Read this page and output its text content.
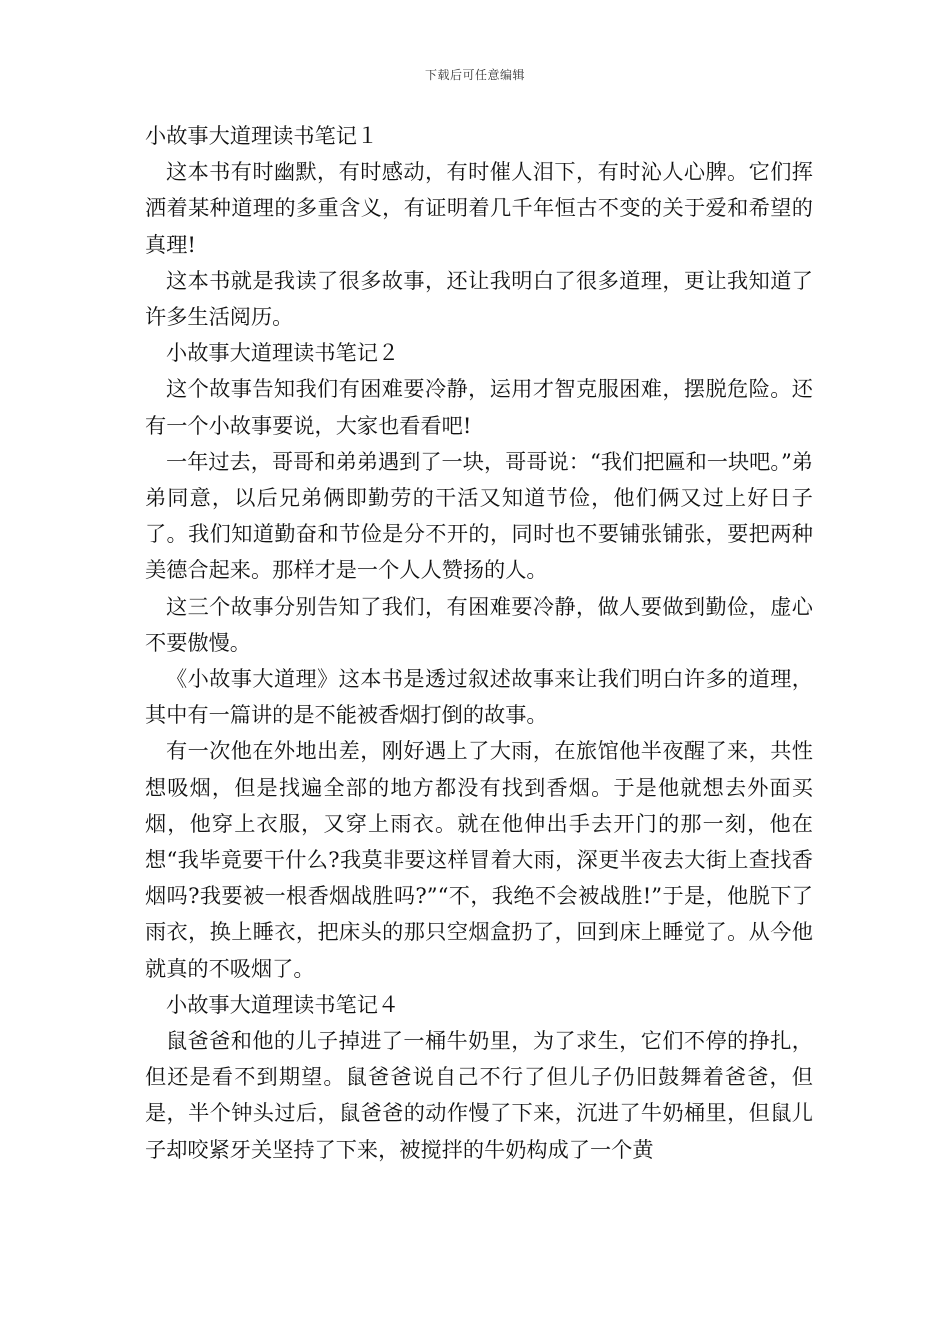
下载后可任意编辑

小故事大道理读书笔记１

这本书有时幽默，有时感动，有时催人泪下，有时沁人心脾。它们挥洒着某种道理的多重含义，有证明着几千年恒古不变的关于爱和希望的真理!

这本书就是我读了很多故事，还让我明白了很多道理，更让我知道了许多生活阅历。

小故事大道理读书笔记２

这个故事告知我们有困难要冷静，运用才智克服困难，摆脱危险。还有一个小故事要说，大家也看看吧!

一年过去，哥哥和弟弟遇到了一块，哥哥说：“我们把匾和一块吧。”弟弟同意，以后兄弟俩即勤劳的干活又知道节俭，他们俩又过上好日子了。我们知道勤奋和节俭是分不开的，同时也不要铺张铺张，要把两种美德合起来。那样才是一个人人赞扬的人。

这三个故事分别告知了我们，有困难要冷静，做人要做到勤俭，虚心不要傲慢。

《小故事大道理》这本书是透过叙述故事来让我们明白许多的道理，其中有一篇讲的是不能被香烟打倒的故事。

有一次他在外地出差，刚好遇上了大雨，在旅馆他半夜醒了来，共性想吸烟，但是找遍全部的地方都没有找到香烟。于是他就想去外面买烟，他穿上衣服，又穿上雨衣。就在他伸出手去开门的那一刻，他在想“我毕竟要干什么?我莫非要这样冒着大雨，深更半夜去大街上查找香烟吗?我要被一根香烟战胜吗?”“不，我绝不会被战胜!”于是，他脱下了雨衣，换上睡衣，把床头的那只空烟盒扔了，回到床上睡觉了。从今他就真的不吸烟了。

小故事大道理读书笔记４

鼠爸爸和他的儿子掉进了一桶牛奶里，为了求生，它们不停的挣扎，但还是看不到期望。鼠爸爸说自己不行了但儿子仍旧鼓舞着爸爸，但是，半个钟头过后，鼠爸爸的动作慢了下来，沉进了牛奶桶里，但鼠儿子却咬紧牙关坚持了下来，被搅拌的牛奶构成了一个黄
